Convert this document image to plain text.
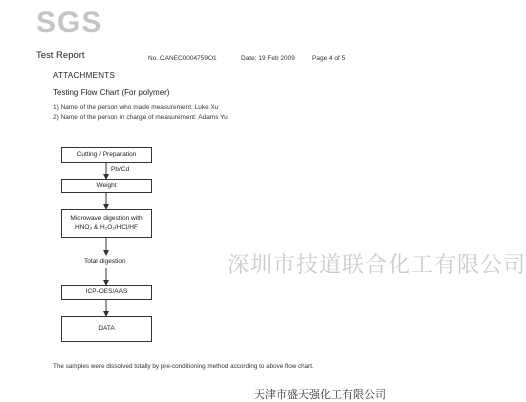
SGS
Test Report	No. CANEC0004759O1	Date: 19 Feb 2009	Page 4 of 5
ATTACHMENTS
Testing Flow Chart (For polymer)
1) Name of the person who made measurement: Luke Xu
2) Name of the person in charge of measurement: Adams Yu
Cutting / Preparation
Pb/Cd
Weight
Microwave digestion with
HNO₃ & H₂O₂/HCl/HF
Total digestion
ICP-OES/AAS
DATA
深圳市技道联合化工有限公司
The samples were dissolved totally by pre-conditioning method according to above flow chart.
天津市盛天强化工有限公司
